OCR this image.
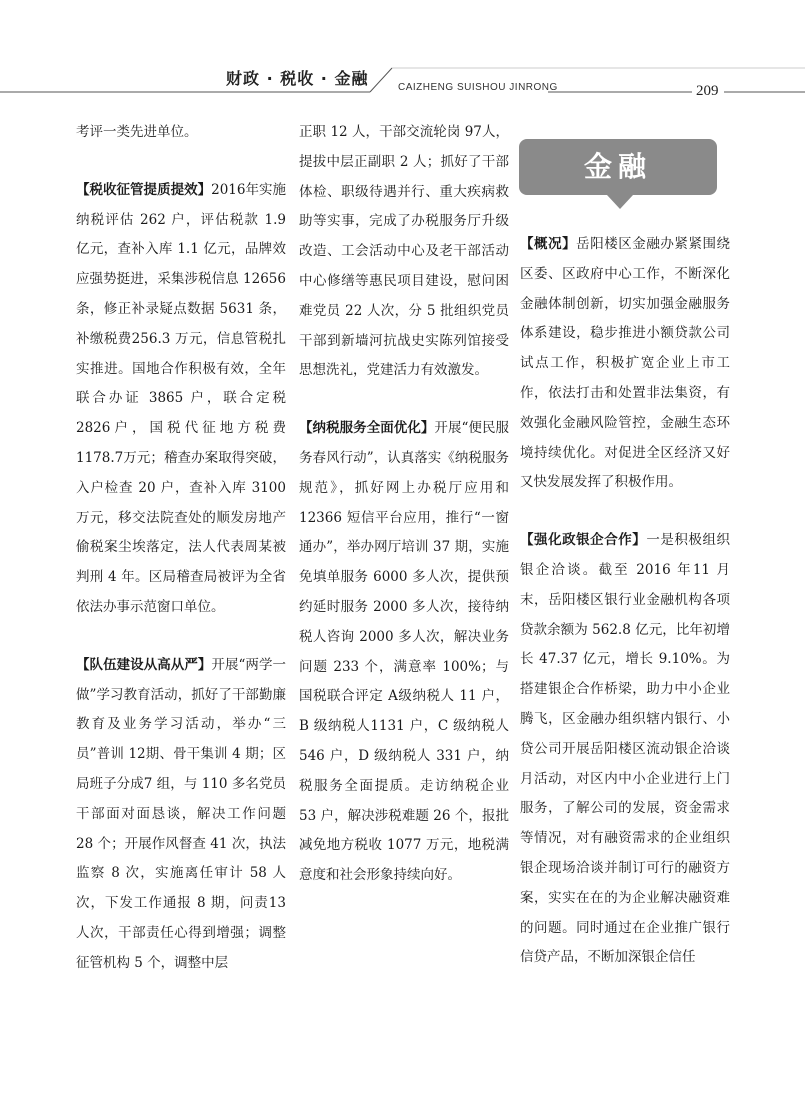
财政 · 税收 · 金融	CAIZHENG SUISHOU JINRONG	209

考评一类先进单位。

【税收征管提质提效】2016年实施纳税评估 262 户，评估税款 1.9 亿元，查补入库 1.1 亿元，品牌效应强势挺进，采集涉税信息 12656 条，修正补录疑点数据 5631 条，补缴税费256.3 万元，信息管税扎实推进。国地合作积极有效，全年联合办证 3865 户，联合定税 2826户，国税代征地方税费 1178.7万元；稽查办案取得突破，入户检查 20 户，查补入库 3100万元，移交法院查处的顺发房地产偷税案尘埃落定，法人代表周某被判刑 4 年。区局稽查局被评为全省依法办事示范窗口单位。

【队伍建设从高从严】开展“两学一做”学习教育活动，抓好了干部勤廉教育及业务学习活动，举办“三员”普训 12期、骨干集训 4 期；区局班子分成7 组，与 110 多名党员干部面对面恳谈，解决工作问题 28 个；开展作风督查 41 次，执法监察 8 次，实施离任审计 58 人次，下发工作通报 8 期，问责13 人次，干部责任心得到增强；调整征管机构 5 个，调整中层

正职 12 人，干部交流轮岗 97人，提拔中层正副职 2 人；抓好了干部体检、职级待遇并行、重大疾病救助等实事，完成了办税服务厅升级改造、工会活动中心及老干部活动中心修缮等惠民项目建设，慰问困难党员 22 人次，分 5 批组织党员干部到新墙河抗战史实陈列馆接受思想洗礼，党建活力有效激发。

【纳税服务全面优化】开展“便民服务春风行动”，认真落实《纳税服务规范》，抓好网上办税厅应用和 12366 短信平台应用，推行“一窗通办”，举办网厅培训 37 期，实施免填单服务 6000 多人次，提供预约延时服务 2000 多人次，接待纳税人咨询 2000 多人次，解决业务问题 233 个，满意率 100%；与国税联合评定 A级纳税人 11 户，B 级纳税人1131 户，C 级纳税人 546 户，D 级纳税人 331 户，纳税服务全面提质。走访纳税企业 53 户，解决涉税难题 26 个，报批减免地方税收 1077 万元，地税满意度和社会形象持续向好。

金融

【概况】岳阳楼区金融办紧紧围绕区委、区政府中心工作，不断深化金融体制创新，切实加强金融服务体系建设，稳步推进小额贷款公司试点工作，积极扩宽企业上市工作，依法打击和处置非法集资，有效强化金融风险管控，金融生态环境持续优化。对促进全区经济又好又快发展发挥了积极作用。

【强化政银企合作】一是积极组织银企洽谈。截至 2016 年11 月末，岳阳楼区银行业金融机构各项贷款余额为 562.8 亿元，比年初增长 47.37 亿元，增长 9.10%。为搭建银企合作桥梁，助力中小企业腾飞，区金融办组织辖内银行、小贷公司开展岳阳楼区流动银企洽谈月活动，对区内中小企业进行上门服务，了解公司的发展，资金需求等情况，对有融资需求的企业组织银企现场洽谈并制订可行的融资方案，实实在在的为企业解决融资难的问题。同时通过在企业推广银行信贷产品，不断加深银企信任
